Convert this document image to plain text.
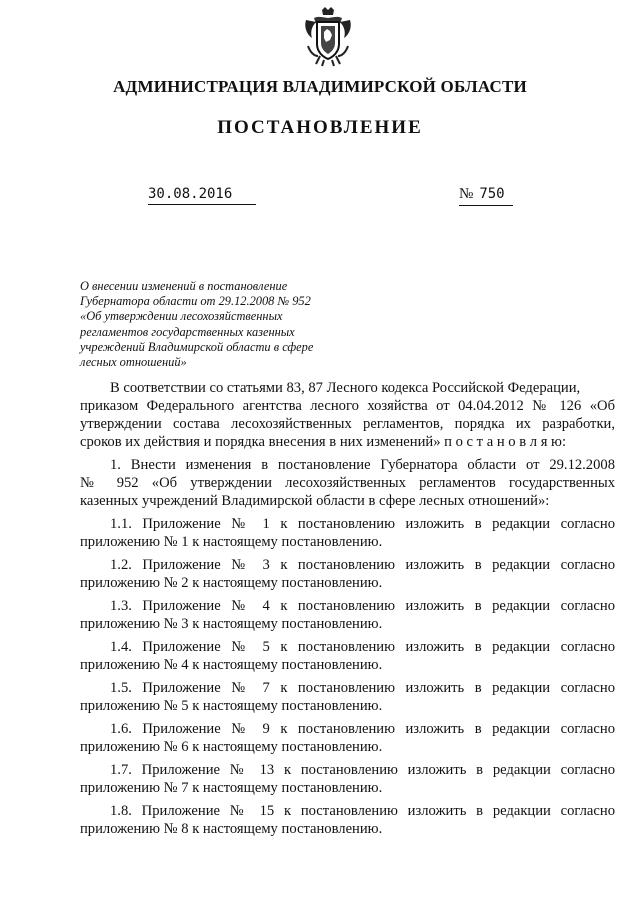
АДМИНИСТРАЦИЯ ВЛАДИМИРСКОЙ ОБЛАСТИ
ПОСТАНОВЛЕНИЕ
30.08.2016	№ 750
О внесении изменений в постановление
Губернатора области от 29.12.2008 № 952
«Об утверждении лесохозяйственных
регламентов государственных казенных
учреждений Владимирской области в сфере
лесных отношений»
В соответствии со статьями 83, 87 Лесного кодекса Российской Федерации,
приказом Федерального агентства лесного хозяйства от 04.04.2012 № 126 «Об
утверждении состава лесохозяйственных регламентов, порядка их разработки,
сроков их действия и порядка внесения в них изменений» п о с т а н о в л я ю:
1. Внести изменения в постановление Губернатора области от 29.12.2008
№ 952 «Об утверждении лесохозяйственных регламентов государственных
казенных учреждений Владимирской области в сфере лесных отношений»:
1.1. Приложение № 1 к постановлению изложить в редакции согласно
приложению № 1 к настоящему постановлению.
1.2. Приложение № 3 к постановлению изложить в редакции согласно
приложению № 2 к настоящему постановлению.
1.3. Приложение № 4 к постановлению изложить в редакции согласно
приложению № 3 к настоящему постановлению.
1.4. Приложение № 5 к постановлению изложить в редакции согласно
приложению № 4 к настоящему постановлению.
1.5. Приложение № 7 к постановлению изложить в редакции согласно
приложению № 5 к настоящему постановлению.
1.6. Приложение № 9 к постановлению изложить в редакции согласно
приложению № 6 к настоящему постановлению.
1.7. Приложение № 13 к постановлению изложить в редакции согласно
приложению № 7 к настоящему постановлению.
1.8. Приложение № 15 к постановлению изложить в редакции согласно
приложению № 8 к настоящему постановлению.
